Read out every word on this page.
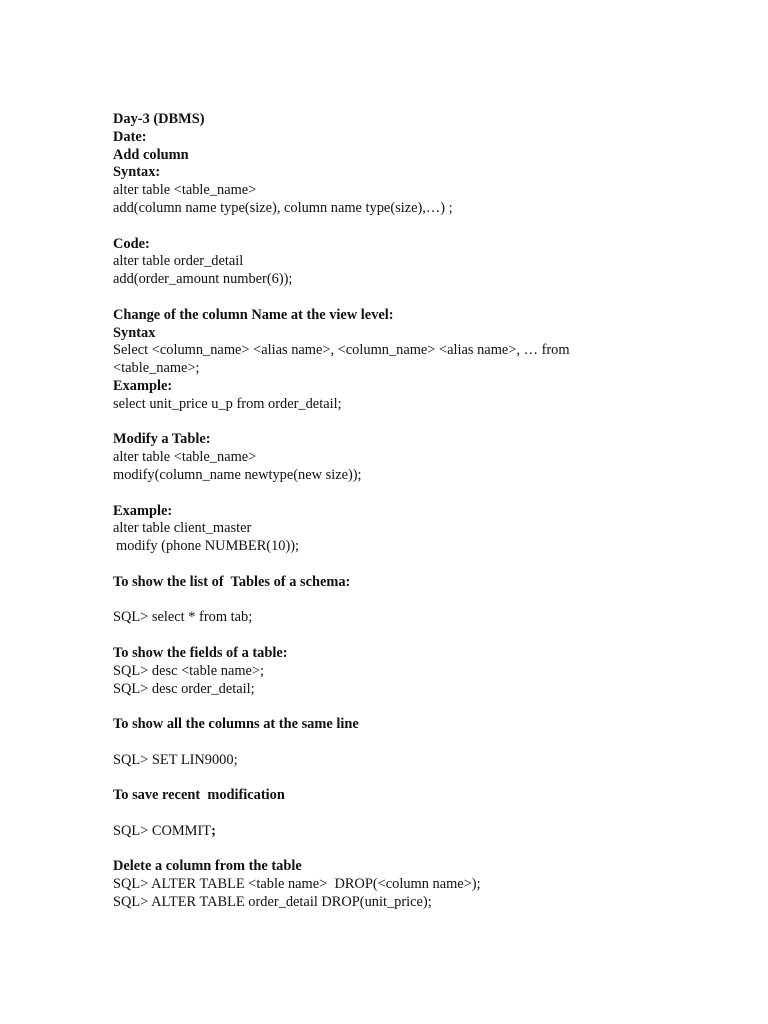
Day-3 (DBMS)
Date:
Add column
Syntax:
alter table <table_name>
add(column name type(size), column name type(size),…) ;
Code:
alter table order_detail
add(order_amount number(6));
Change of the column Name at the view level:
Syntax
Select <column_name> <alias name>, <column_name> <alias name>, … from
<table_name>;
Example:
select unit_price u_p from order_detail;
Modify a Table:
alter table <table_name>
modify(column_name newtype(new size));
Example:
alter table client_master
modify (phone NUMBER(10));
To show the list of  Tables of a schema:
SQL> select * from tab;
To show the fields of a table:
SQL> desc <table name>;
SQL> desc order_detail;
To show all the columns at the same line
SQL> SET LIN9000;
To save recent  modification
SQL> COMMIT;
Delete a column from the table
SQL> ALTER TABLE <table name>  DROP(<column name>);
SQL> ALTER TABLE order_detail DROP(unit_price);
